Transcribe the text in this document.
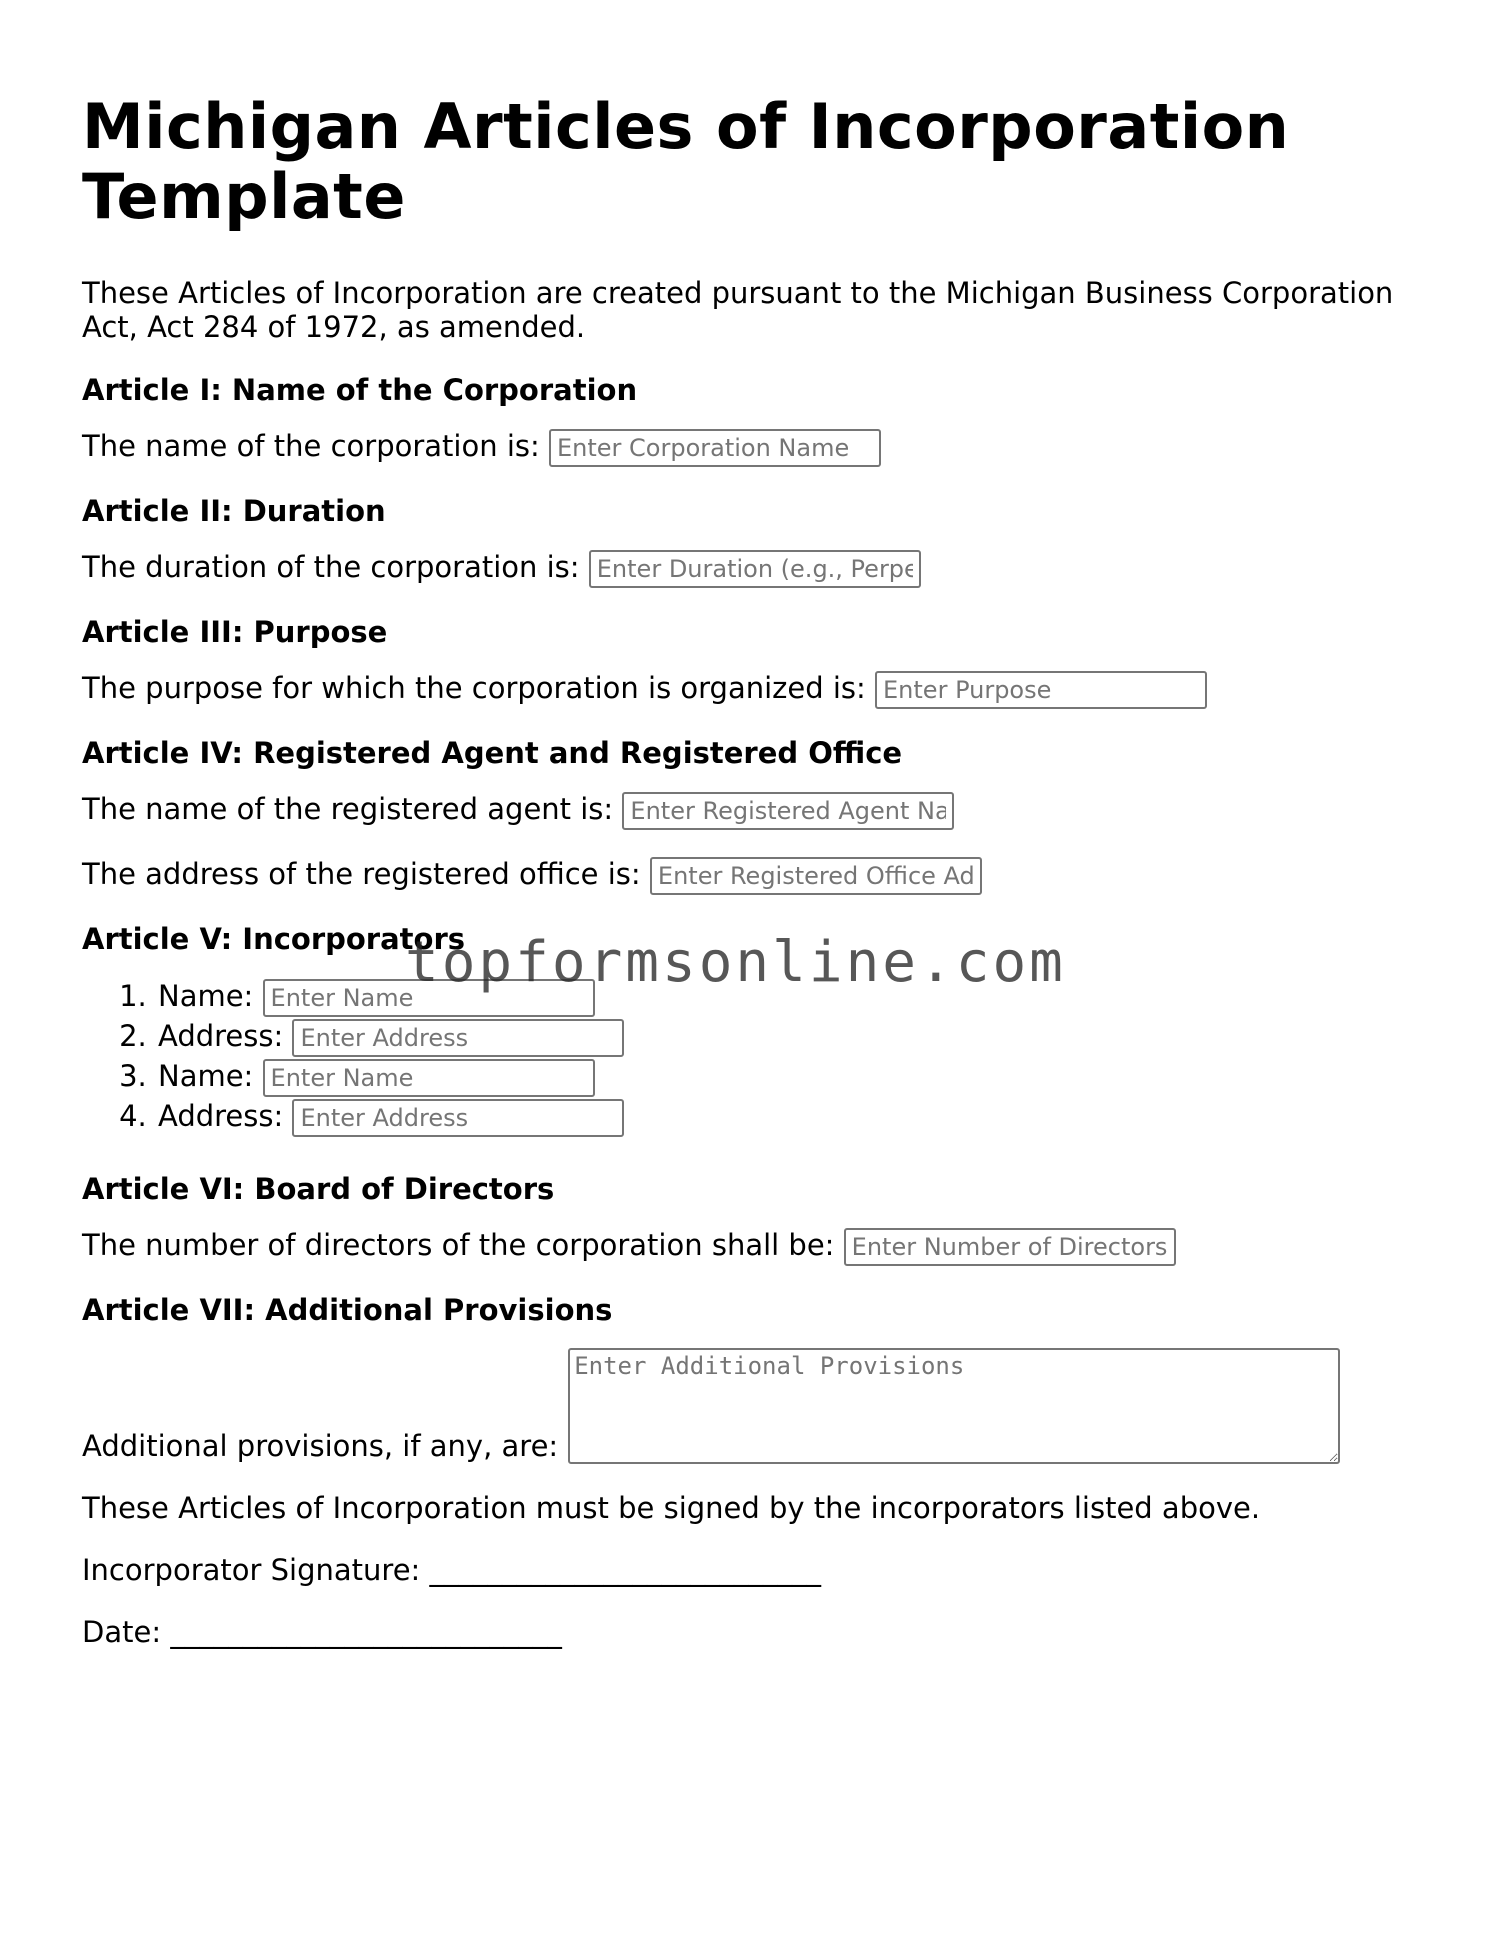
Michigan Articles of Incorporation Template

These Articles of Incorporation are created pursuant to the Michigan Business Corporation Act, Act 284 of 1972, as amended.

Article I: Name of the Corporation

The name of the corporation is: Enter Corporation Name

Article II: Duration

The duration of the corporation is: Enter Duration (e.g., Perpetual)

Article III: Purpose

The purpose for which the corporation is organized is: Enter Purpose

Article IV: Registered Agent and Registered Office

The name of the registered agent is: Enter Registered Agent Name

The address of the registered office is: Enter Registered Office Address

Article V: Incorporators
1. Name: Enter Name
2. Address: Enter Address
3. Name: Enter Name
4. Address: Enter Address
Article VI: Board of Directors

The number of directors of the corporation shall be: Enter Number of Directors

Article VII: Additional Provisions
Additional provisions, if any, are:
Enter Additional Provisions

These Articles of Incorporation must be signed by the incorporators listed above.

Incorporator Signature: ___________________________

Date: ___________________________

topformsonline.com
